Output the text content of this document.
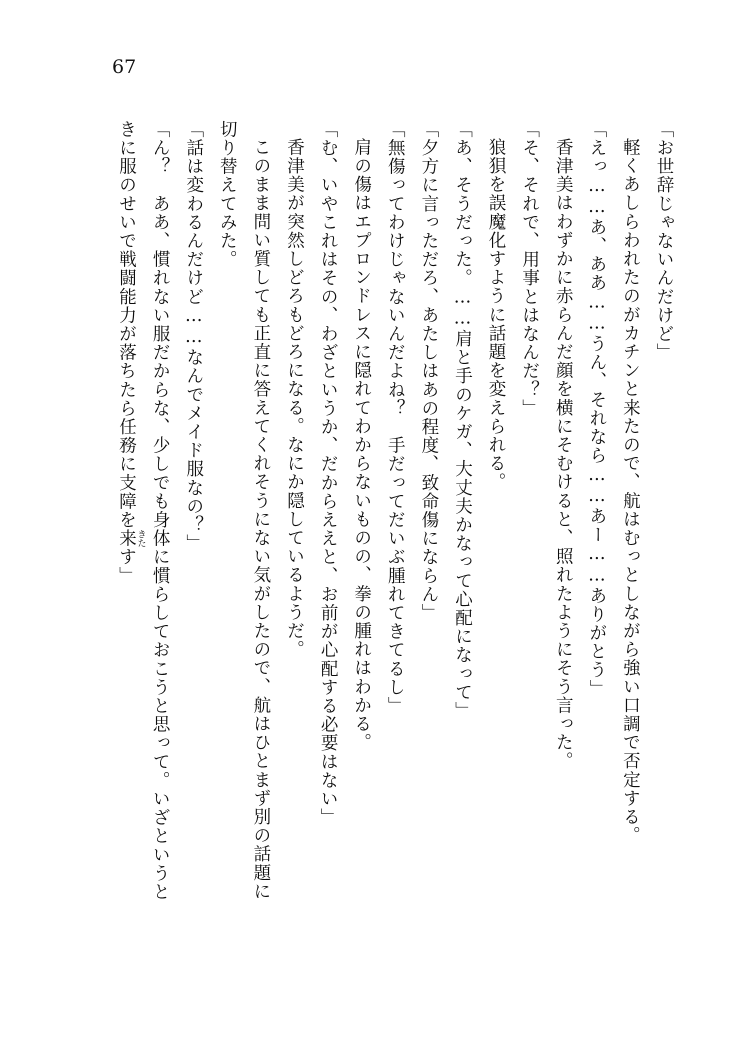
67

「お世辞じゃないんだけど」

軽くあしらわれたのがカチンと来たので、航はむっとしながら強い口調で否定する。

「えっ……あ、ああ……うん、それなら……あー……ありがとう」

香津美はわずかに赤らんだ顔を横にそむけると、照れたようにそう言った。

「そ、それで、用事とはなんだ？」

狼狽を誤魔化すように話題を変えられる。

「あ、そうだった。……肩と手のケガ、大丈夫かなって心配になって」

「夕方に言っただろ、あたしはあの程度、致命傷にならん」

「無傷ってわけじゃないんだよね？　手だってだいぶ腫れてきてるし」

肩の傷はエプロンドレスに隠れてわからないものの、拳の腫れはわかる。

「む、いやこれはその、わざというか、だからええと、お前が心配する必要はない」

香津美が突然しどろもどろになる。なにか隠しているようだ。

このまま問い質しても正直に答えてくれそうにない気がしたので、航はひとまず別の話題に切り替えてみた。

「話は変わるんだけど……なんでメイド服なの？」

「ん？　ああ、慣れない服だからな、少しでも身体に慣らしておこうと思って。いざというときに服のせいで戦闘能力が落ちたら任務に支障を来 きたす」
